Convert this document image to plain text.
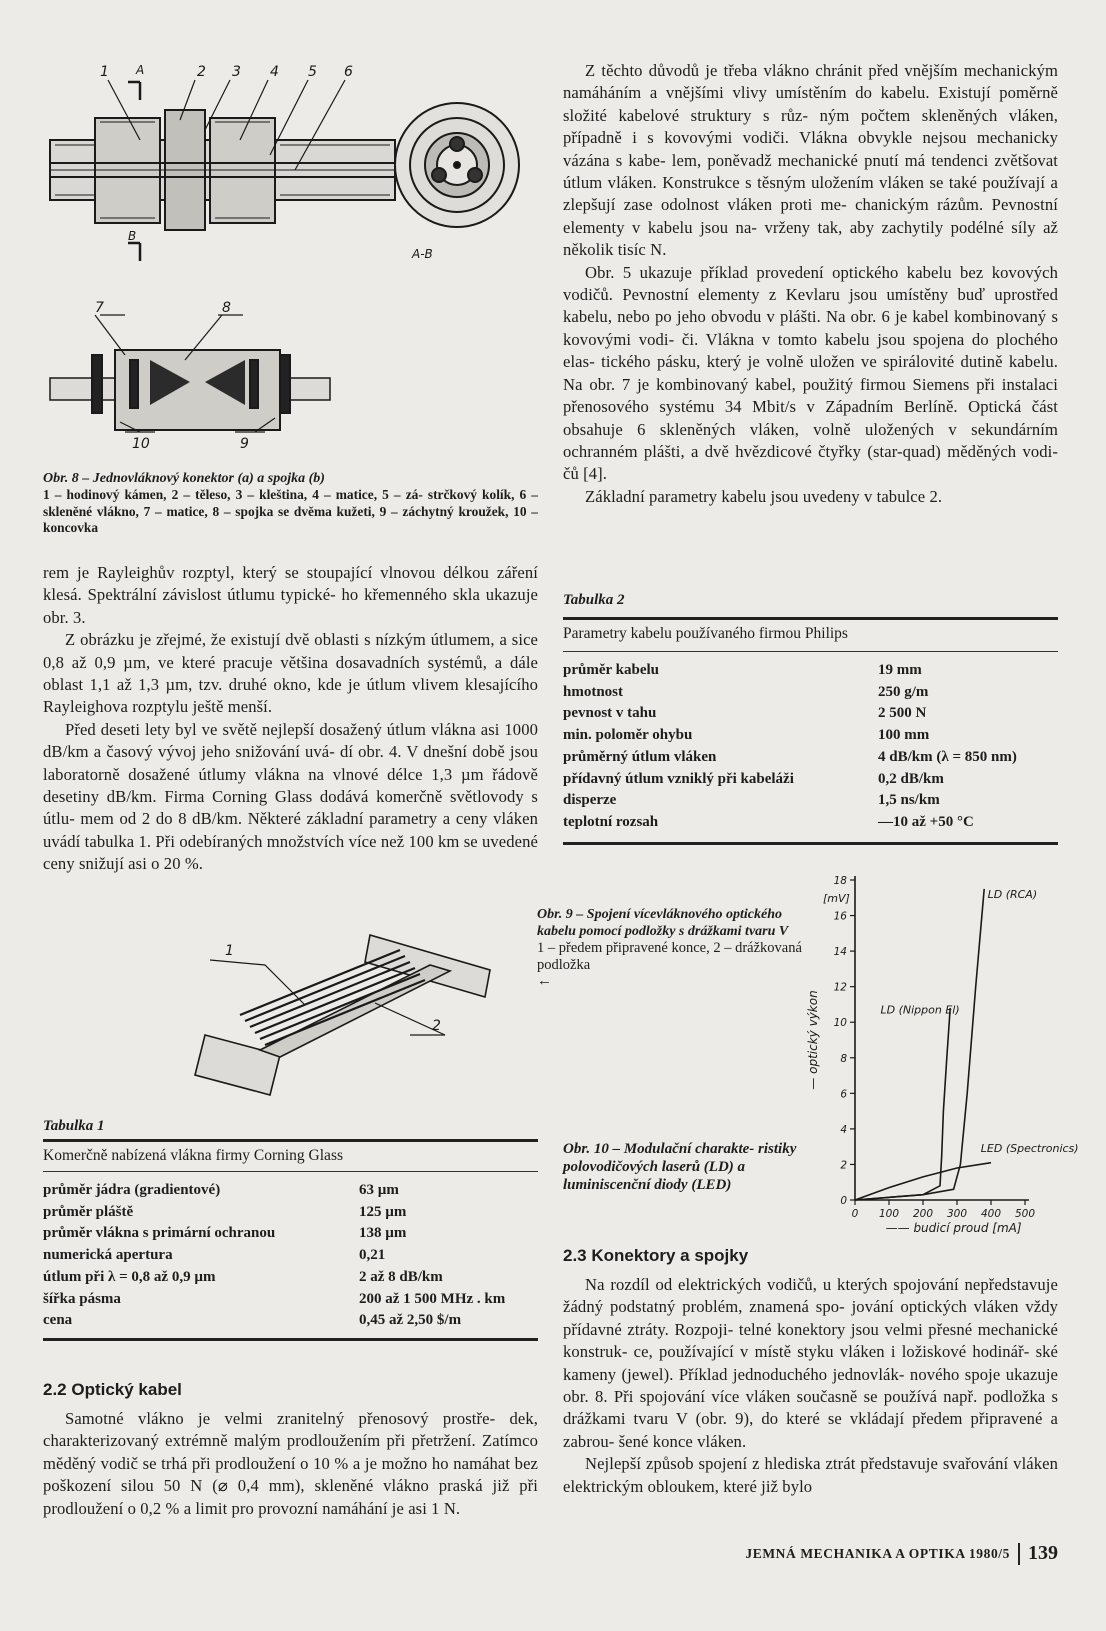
1 A	2 3 4 5 6
B
A-B
7	8
10	9
Obr. 8 – Jednovláknový konektor (a) a spojka (b)
1 – hodinový kámen, 2 – těleso, 3 – kleština, 4 – matice, 5 – zá- strčkový kolík, 6 – skleněné vlákno, 7 – matice, 8 – spojka se dvěma kužeti, 9 – záchytný kroužek, 10 – koncovka

rem je Rayleighův rozptyl, který se stoupající vlnovou délkou záření klesá. Spektrální závislost útlumu typické- ho křemenného skla ukazuje obr. 3.

Z obrázku je zřejmé, že existují dvě oblasti s nízkým útlumem, a sice 0,8 až 0,9 µm, ve které pracuje většina dosavadních systémů, a dále oblast 1,1 až 1,3 µm, tzv. druhé okno, kde je útlum vlivem klesajícího Rayleighova rozptylu ještě menší.

Před deseti lety byl ve světě nejlepší dosažený útlum vlákna asi 1000 dB/km a časový vývoj jeho snižování uvá- dí obr. 4. V dnešní době jsou laboratorně dosažené útlumy vlákna na vlnové délce 1,3 µm řádově desetiny dB/km. Firma Corning Glass dodává komerčně světlovody s útlu- mem od 2 do 8 dB/km. Některé základní parametry a ceny vláken uvádí tabulka 1. Při odebíraných množstvích více než 100 km se uvedené ceny snižují asi o 20 %.

1
2
Obr. 9 – Spojení vícevláknového optického kabelu pomocí podložky s drážkami tvaru V
1 – předem připravené konce, 2 – drážkovaná podložka
←
Tabulka 1
Komerčně nabízená vlákna firmy Corning Glass
průměr jádra (gradientové)	63 µm
průměr pláště	125 µm
průměr vlákna s primární ochranou	138 µm
numerická apertura	0,21
útlum při λ = 0,8 až 0,9 µm	2 až 8 dB/km
šířka pásma	200 až 1 500 MHz . km
cena	0,45 až 2,50 $/m
2.2 Optický kabel

Samotné vlákno je velmi zranitelný přenosový prostře- dek, charakterizovaný extrémně malým prodloužením při přetržení. Zatímco měděný vodič se trhá při prodloužení o 10 % a je možno ho namáhat bez poškození silou 50 N (⌀ 0,4 mm), skleněné vlákno praská již při prodloužení o 0,2 % a limit pro provozní namáhání je asi 1 N.

Z těchto důvodů je třeba vlákno chránit před vnějším mechanickým namáháním a vnějšími vlivy umístěním do kabelu. Existují poměrně složité kabelové struktury s růz- ným počtem skleněných vláken, případně i s kovovými vodiči. Vlákna obvykle nejsou mechanicky vázána s kabe- lem, poněvadž mechanické pnutí má tendenci zvětšovat útlum vláken. Konstrukce s těsným uložením vláken se také používají a zlepšují zase odolnost vláken proti me- chanickým rázům. Pevnostní elementy v kabelu jsou na- vrženy tak, aby zachytily podélné síly až několik tisíc N.

Obr. 5 ukazuje příklad provedení optického kabelu bez kovových vodičů. Pevnostní elementy z Kevlaru jsou umístěny buď uprostřed kabelu, nebo po jeho obvodu v plášti. Na obr. 6 je kabel kombinovaný s kovovými vodi- či. Vlákna v tomto kabelu jsou spojena do plochého elas- tického pásku, který je volně uložen ve spirálovité dutině kabelu. Na obr. 7 je kombinovaný kabel, použitý firmou Siemens při instalaci přenosového systému 34 Mbit/s v Západním Berlíně. Optická část obsahuje 6 skleněných vláken, volně uložených v sekundárním ochranném plášti, a dvě hvězdicové čtyřky (star-quad) měděných vodi- čů [4].

Základní parametry kabelu jsou uvedeny v tabulce 2.

Tabulka 2
Parametry kabelu používaného firmou Philips
průměr kabelu	19 mm
hmotnost	250 g/m
pevnost v tahu	2 500 N
min. poloměr ohybu	100 mm
průměrný útlum vláken	4 dB/km (λ = 850 nm)
přídavný útlum vzniklý při kabeláži	0,2 dB/km
disperze	1,5 ns/km
teplotní rozsah	—10 až +50 °C
0
2
4
6
8
10
12
14
16
18
0 100 200 300 400 500
[mV]
— optický výkon
—— budicí proud [mA]
LD (RCA)
LD (Nippon El)
LED (Spectronics)
Obr. 10 – Modulační charakte- ristiky polovodičových laserů (LD) a luminiscenční diody (LED)
2.3 Konektory a spojky

Na rozdíl od elektrických vodičů, u kterých spojování nepředstavuje žádný podstatný problém, znamená spo- jování optických vláken vždy přídavné ztráty. Rozpoji- telné konektory jsou velmi přesné mechanické konstruk- ce, používající v místě styku vláken i ložiskové hodinář- ské kameny (jewel). Příklad jednoduchého jednovlák- nového spoje ukazuje obr. 8. Při spojování více vláken současně se používá např. podložka s drážkami tvaru V (obr. 9), do které se vkládají předem připravené a zabrou- šené konce vláken.

Nejlepší způsob spojení z hlediska ztrát představuje svařování vláken elektrickým obloukem, které již bylo

JEMNÁ MECHANIKA A OPTIKA 1980/5 139
